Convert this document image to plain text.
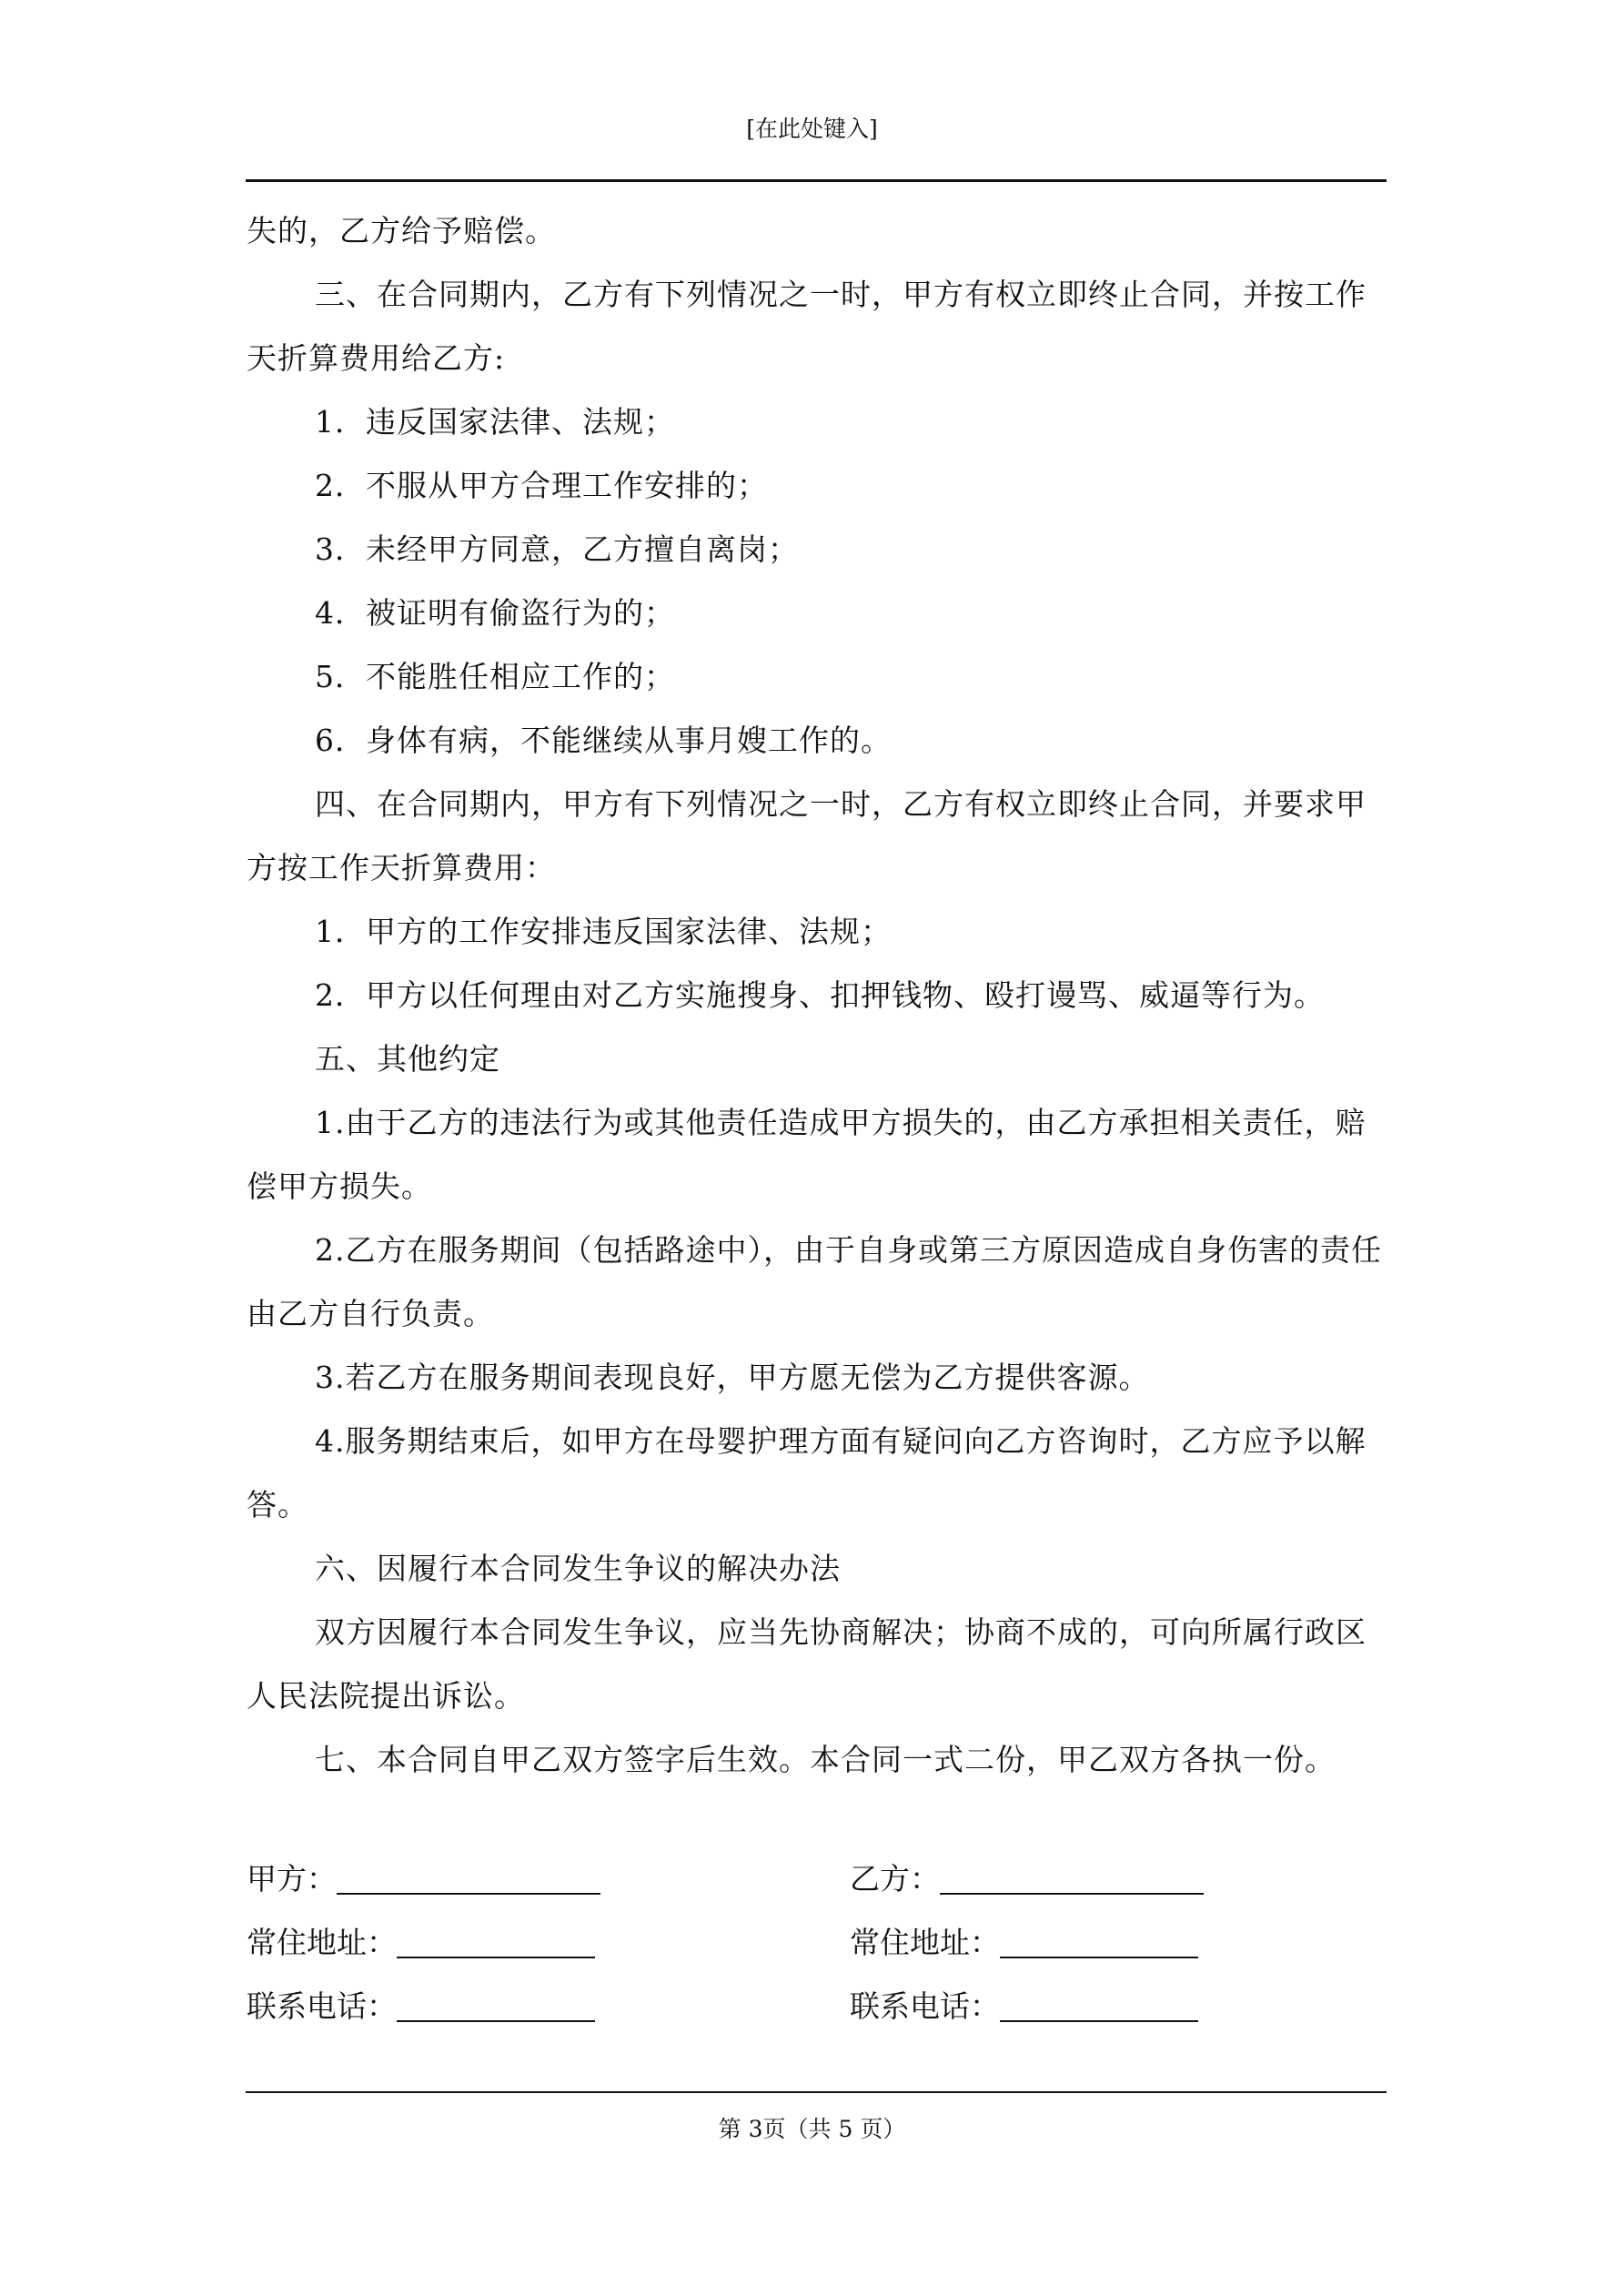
[在此处键入]

失的，乙方给予赔偿。

三、在合同期内，乙方有下列情况之一时，甲方有权立即终止合同，并按工作天折算费用给乙方:

1．违反国家法律、法规；

2．不服从甲方合理工作安排的；

3．未经甲方同意，乙方擅自离岗；

4．被证明有偷盗行为的；

5．不能胜任相应工作的；

6．身体有病，不能继续从事月嫂工作的。

四、在合同期内，甲方有下列情况之一时，乙方有权立即终止合同，并要求甲方按工作天折算费用：

1．甲方的工作安排违反国家法律、法规；

2．甲方以任何理由对乙方实施搜身、扣押钱物、殴打谩骂、威逼等行为。

五、其他约定

1.由于乙方的违法行为或其他责任造成甲方损失的，由乙方承担相关责任，赔偿甲方损失。

2.乙方在服务期间（包括路途中），由于自身或第三方原因造成自身伤害的责任由乙方自行负责。

3.若乙方在服务期间表现良好，甲方愿无偿为乙方提供客源。

4.服务期结束后，如甲方在母婴护理方面有疑问向乙方咨询时，乙方应予以解答。

六、因履行本合同发生争议的解决办法

双方因履行本合同发生争议，应当先协商解决；协商不成的，可向所属行政区人民法院提出诉讼。

七、本合同自甲乙双方签字后生效。本合同一式二份，甲乙双方各执一份。

甲方：	乙方：
常住地址：	常住地址：
联系电话：	联系电话：
第 3页（共 5 页）
